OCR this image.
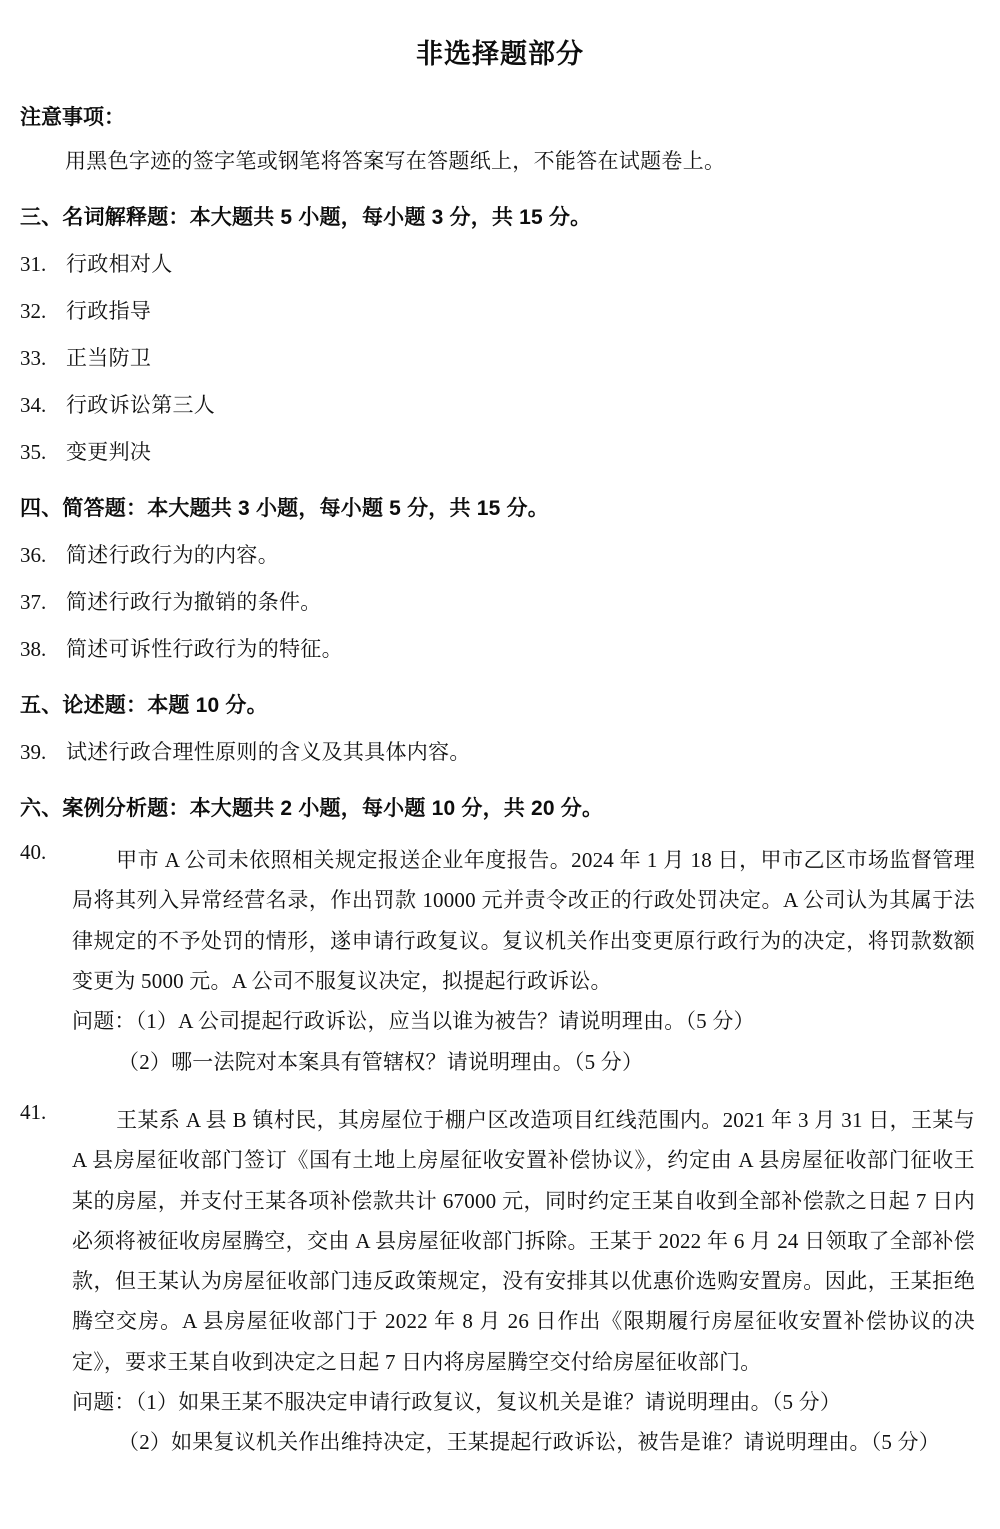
非选择题部分

注意事项：

用黑色字迹的签字笔或钢笔将答案写在答题纸上，不能答在试题卷上。

三、名词解释题：本大题共 5 小题，每小题 3 分，共 15 分。

31. 行政相对人
32. 行政指导
33. 正当防卫
34. 行政诉讼第三人
35. 变更判决

四、简答题：本大题共 3 小题，每小题 5 分，共 15 分。

36. 简述行政行为的内容。
37. 简述行政行为撤销的条件。
38. 简述可诉性行政行为的特征。

五、论述题：本题 10 分。

39. 试述行政合理性原则的含义及其具体内容。

六、案例分析题：本大题共 2 小题，每小题 10 分，共 20 分。

40.	甲市 A 公司未依照相关规定报送企业年度报告。2024 年 1 月 18 日，甲市乙区市场监督管理局将其列入异常经营名录，作出罚款 10000 元并责令改正的行政处罚决定。A 公司认为其属于法律规定的不予处罚的情形，遂申请行政复议。复议机关作出变更原行政行为的决定，将罚款数额变更为 5000 元。A 公司不服复议决定，拟提起行政诉讼。

问题：（1）A 公司提起行政诉讼，应当以谁为被告？请说明理由。（5 分）

（2）哪一法院对本案具有管辖权？请说明理由。（5 分）

41.	王某系 A 县 B 镇村民，其房屋位于棚户区改造项目红线范围内。2021 年 3 月 31 日，王某与 A 县房屋征收部门签订《国有土地上房屋征收安置补偿协议》，约定由 A 县房屋征收部门征收王某的房屋，并支付王某各项补偿款共计 67000 元，同时约定王某自收到全部补偿款之日起 7 日内必须将被征收房屋腾空，交由 A 县房屋征收部门拆除。王某于 2022 年 6 月 24 日领取了全部补偿款，但王某认为房屋征收部门违反政策规定，没有安排其以优惠价选购安置房。因此，王某拒绝腾空交房。A 县房屋征收部门于 2022 年 8 月 26 日作出《限期履行房屋征收安置补偿协议的决定》，要求王某自收到决定之日起 7 日内将房屋腾空交付给房屋征收部门。

问题：（1）如果王某不服决定申请行政复议，复议机关是谁？请说明理由。（5 分）

（2）如果复议机关作出维持决定，王某提起行政诉讼，被告是谁？请说明理由。（5 分）
